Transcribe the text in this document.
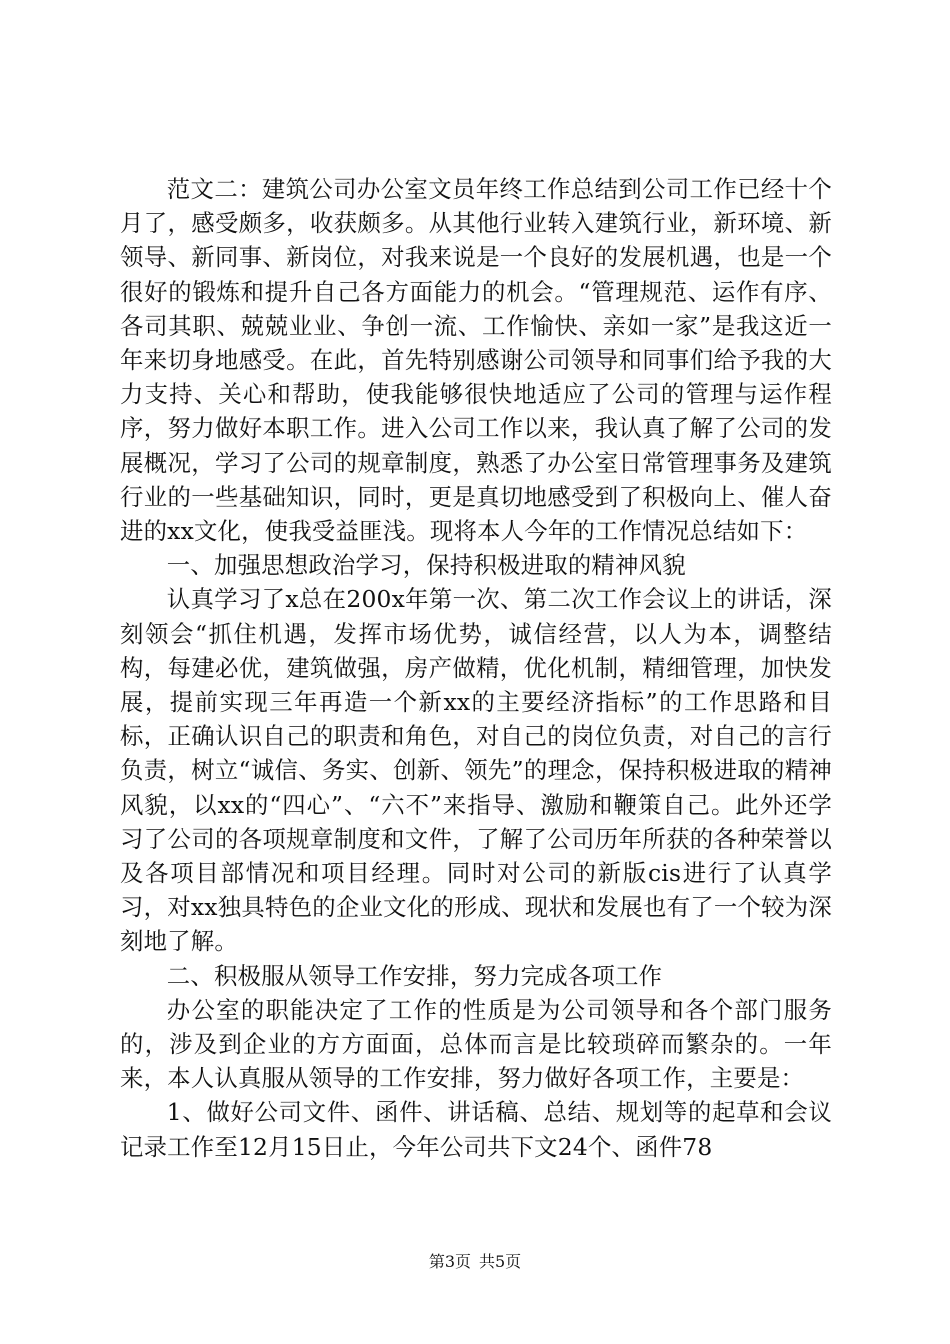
范文二：建筑公司办公室文员年终工作总结到公司工作已经十个月了，感受颇多，收获颇多。从其他行业转入建筑行业，新环境、新领导、新同事、新岗位，对我来说是一个良好的发展机遇，也是一个很好的锻炼和提升自己各方面能力的机会。“管理规范、运作有序、各司其职、兢兢业业、争创一流、工作愉快、亲如一家”是我这近一年来切身地感受。在此，首先特别感谢公司领导和同事们给予我的大力支持、关心和帮助，使我能够很快地适应了公司的管理与运作程序，努力做好本职工作。进入公司工作以来，我认真了解了公司的发展概况，学习了公司的规章制度，熟悉了办公室日常管理事务及建筑行业的一些基础知识，同时，更是真切地感受到了积极向上、催人奋进的xx文化，使我受益匪浅。现将本人今年的工作情况总结如下：

一、加强思想政治学习，保持积极进取的精神风貌

认真学习了x总在200x年第一次、第二次工作会议上的讲话，深刻领会“抓住机遇，发挥市场优势，诚信经营，以人为本，调整结构，每建必优，建筑做强，房产做精，优化机制，精细管理，加快发展，提前实现三年再造一个新xx的主要经济指标”的工作思路和目标，正确认识自己的职责和角色，对自己的岗位负责，对自己的言行负责，树立“诚信、务实、创新、领先”的理念，保持积极进取的精神风貌，以xx的“四心”、“六不”来指导、激励和鞭策自己。此外还学习了公司的各项规章制度和文件，了解了公司历年所获的各种荣誉以及各项目部情况和项目经理。同时对公司的新版cis进行了认真学习，对xx独具特色的企业文化的形成、现状和发展也有了一个较为深刻地了解。

二、积极服从领导工作安排，努力完成各项工作

办公室的职能决定了工作的性质是为公司领导和各个部门服务的，涉及到企业的方方面面，总体而言是比较琐碎而繁杂的。一年来，本人认真服从领导的工作安排，努力做好各项工作，主要是：

1、做好公司文件、函件、讲话稿、总结、规划等的起草和会议记录工作至12月15日止，今年公司共下文24个、函件78

第3页 共5页
